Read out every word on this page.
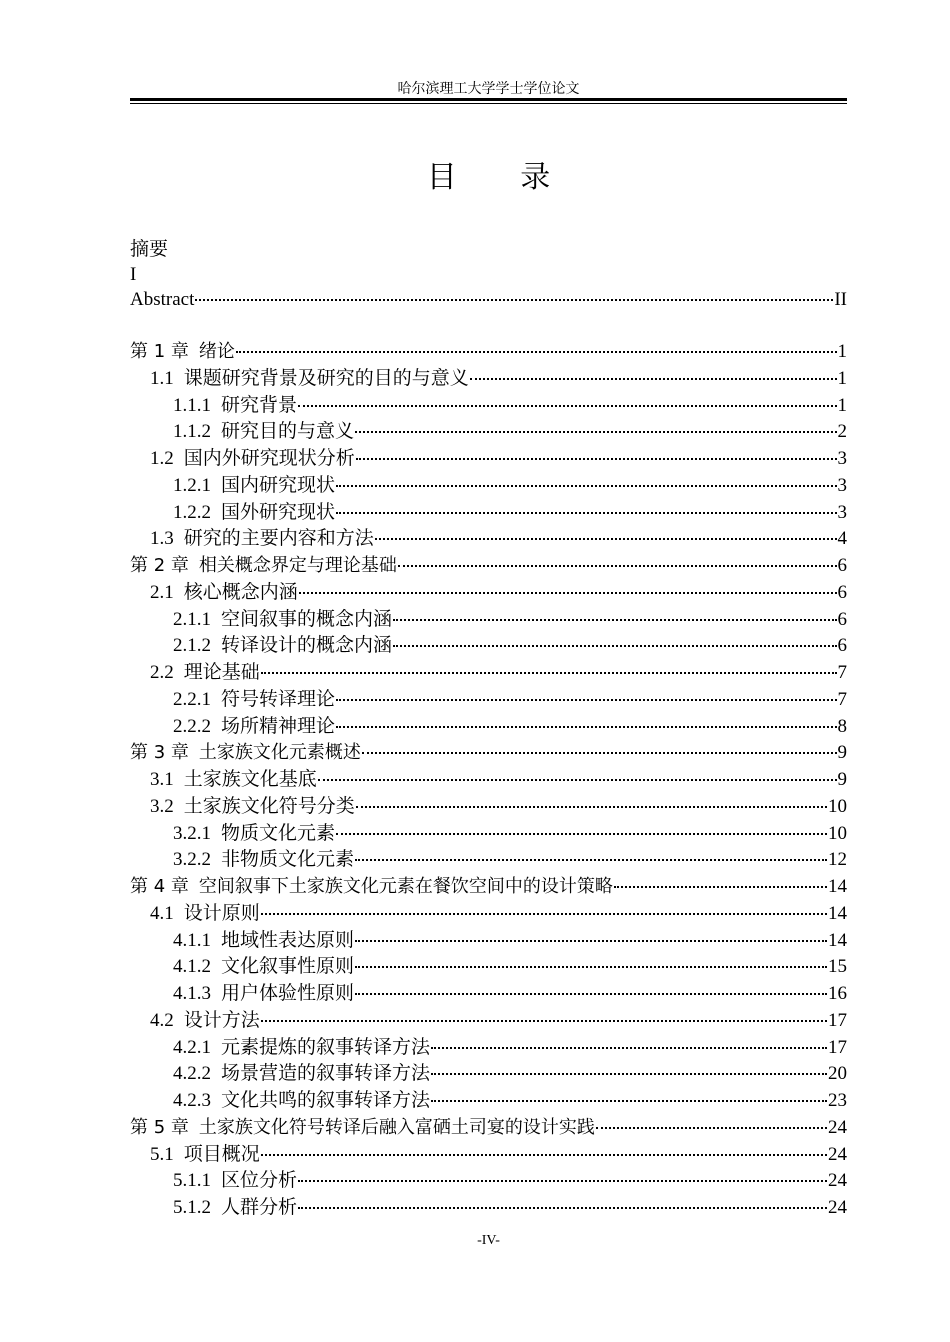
哈尔滨理工大学学士学位论文
目 录
摘要
I
Abstract	II
第 1 章 绪论	1
1.1 课题研究背景及研究的目的与意义	1
1.1.1 研究背景	1
1.1.2 研究目的与意义	2
1.2 国内外研究现状分析	3
1.2.1 国内研究现状	3
1.2.2 国外研究现状	3
1.3 研究的主要内容和方法	4
第 2 章 相关概念界定与理论基础	6
2.1 核心概念内涵	6
2.1.1 空间叙事的概念内涵	6
2.1.2 转译设计的概念内涵	6
2.2 理论基础	7
2.2.1 符号转译理论	7
2.2.2 场所精神理论	8
第 3 章 土家族文化元素概述	9
3.1 土家族文化基底	9
3.2 土家族文化符号分类	10
3.2.1 物质文化元素	10
3.2.2 非物质文化元素	12
第 4 章 空间叙事下土家族文化元素在餐饮空间中的设计策略	14
4.1 设计原则	14
4.1.1 地域性表达原则	14
4.1.2 文化叙事性原则	15
4.1.3 用户体验性原则	16
4.2 设计方法	17
4.2.1 元素提炼的叙事转译方法	17
4.2.2 场景营造的叙事转译方法	20
4.2.3 文化共鸣的叙事转译方法	23
第 5 章 土家族文化符号转译后融入富硒土司宴的设计实践	24
5.1 项目概况	24
5.1.1 区位分析	24
5.1.2 人群分析	24
-IV-
